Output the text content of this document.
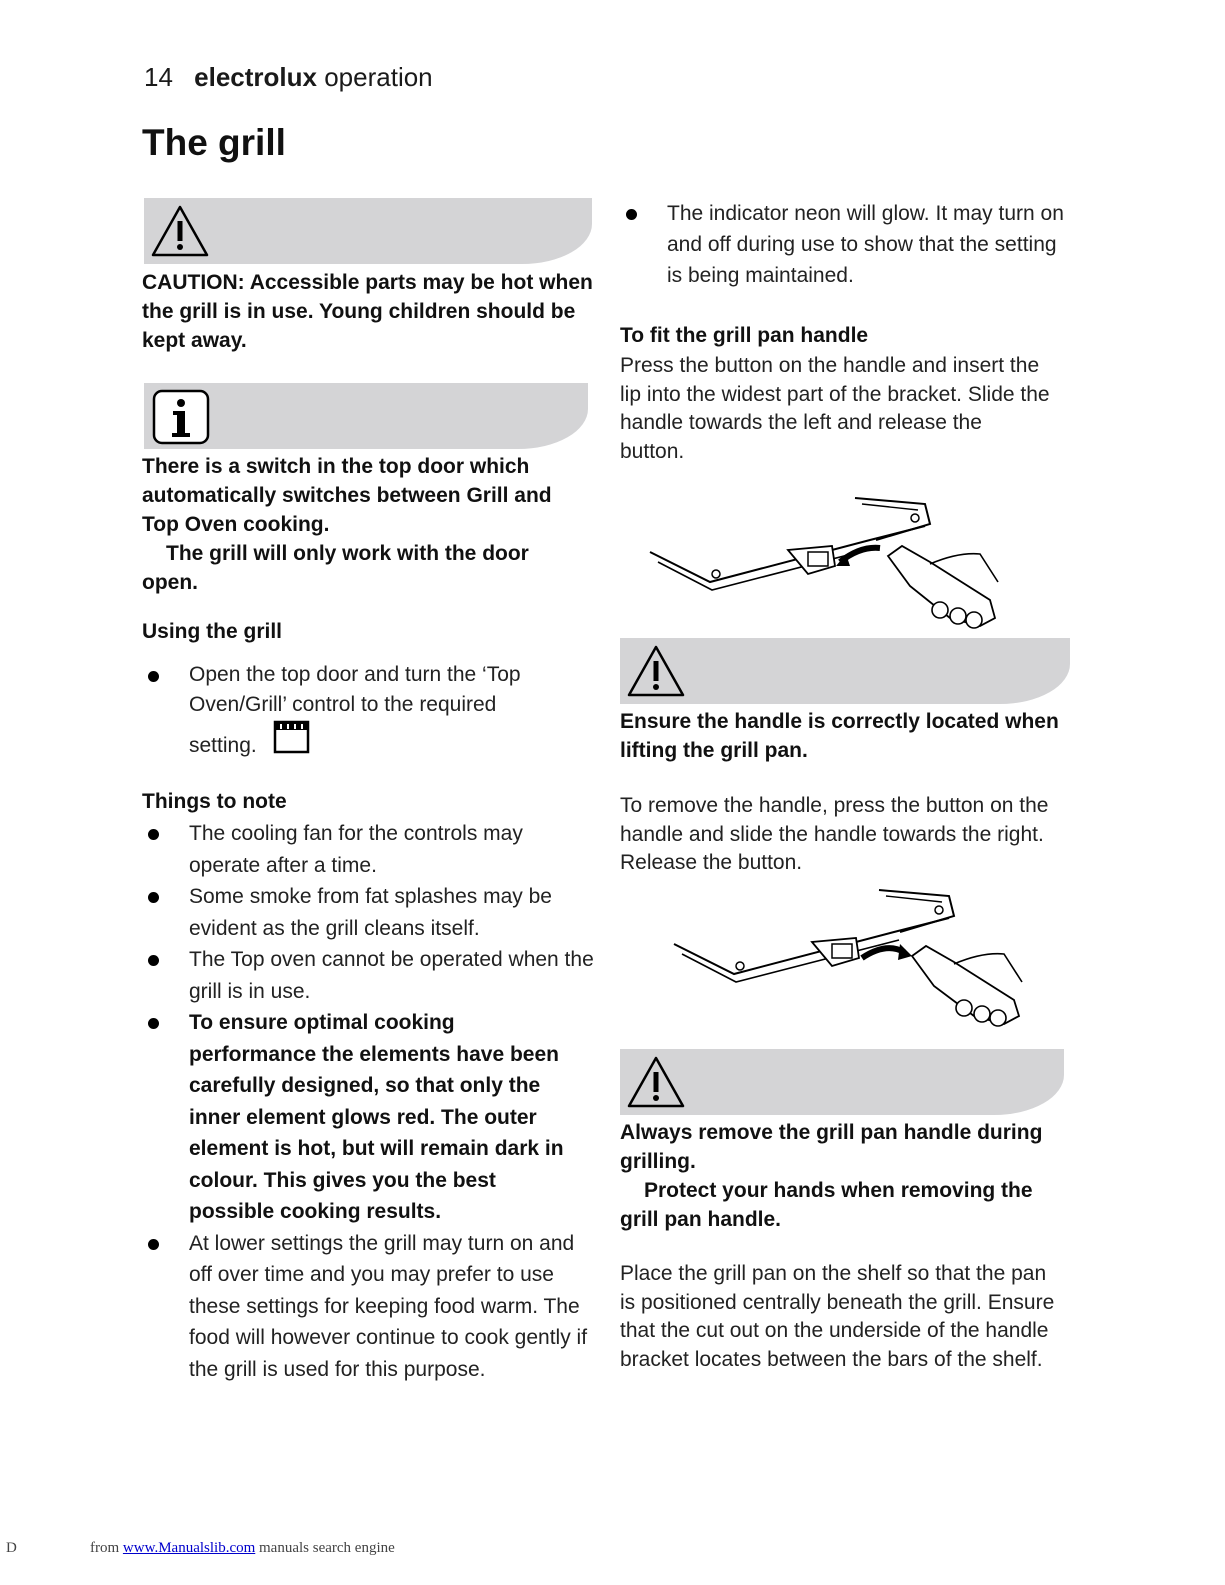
14 electrolux operation
The grill
CAUTION: Accessible parts may be hot when the grill is in use. Young children should be kept away.
There is a switch in the top door which automatically switches between Grill and Top Oven cooking.
The grill will only work with the door open.
Using the grill
Open the top door and turn the ‘Top Oven/Grill’ control to the required setting.
Things to note
The cooling fan for the controls may operate after a time.
Some smoke from fat splashes may be evident as the grill cleans itself.
The Top oven cannot be operated when the grill is in use.
To ensure optimal cooking performance the elements have been carefully designed, so that only the inner element glows red. The outer element is hot, but will remain dark in colour. This gives you the best possible cooking results.
At lower settings the grill may turn on and off over time and you may prefer to use these settings for keeping food warm. The food will however continue to cook gently if the grill is used for this purpose.
The indicator neon will glow. It may turn on and off during use to show that the setting is being maintained.
To fit the grill pan handle
Press the button on the handle and insert the lip into the widest part of the bracket. Slide the handle towards the left and release the button.
Ensure the handle is correctly located when lifting the grill pan.
To remove the handle, press the button on the handle and slide the handle towards the right. Release the button.
Always remove the grill pan handle during grilling.
Protect your hands when removing the grill pan handle.
Place the grill pan on the shelf so that the pan is positioned centrally beneath the grill. Ensure that the cut out on the underside of the handle bracket locates between the bars of the shelf.
D	from www.Manualslib.com manuals search engine
